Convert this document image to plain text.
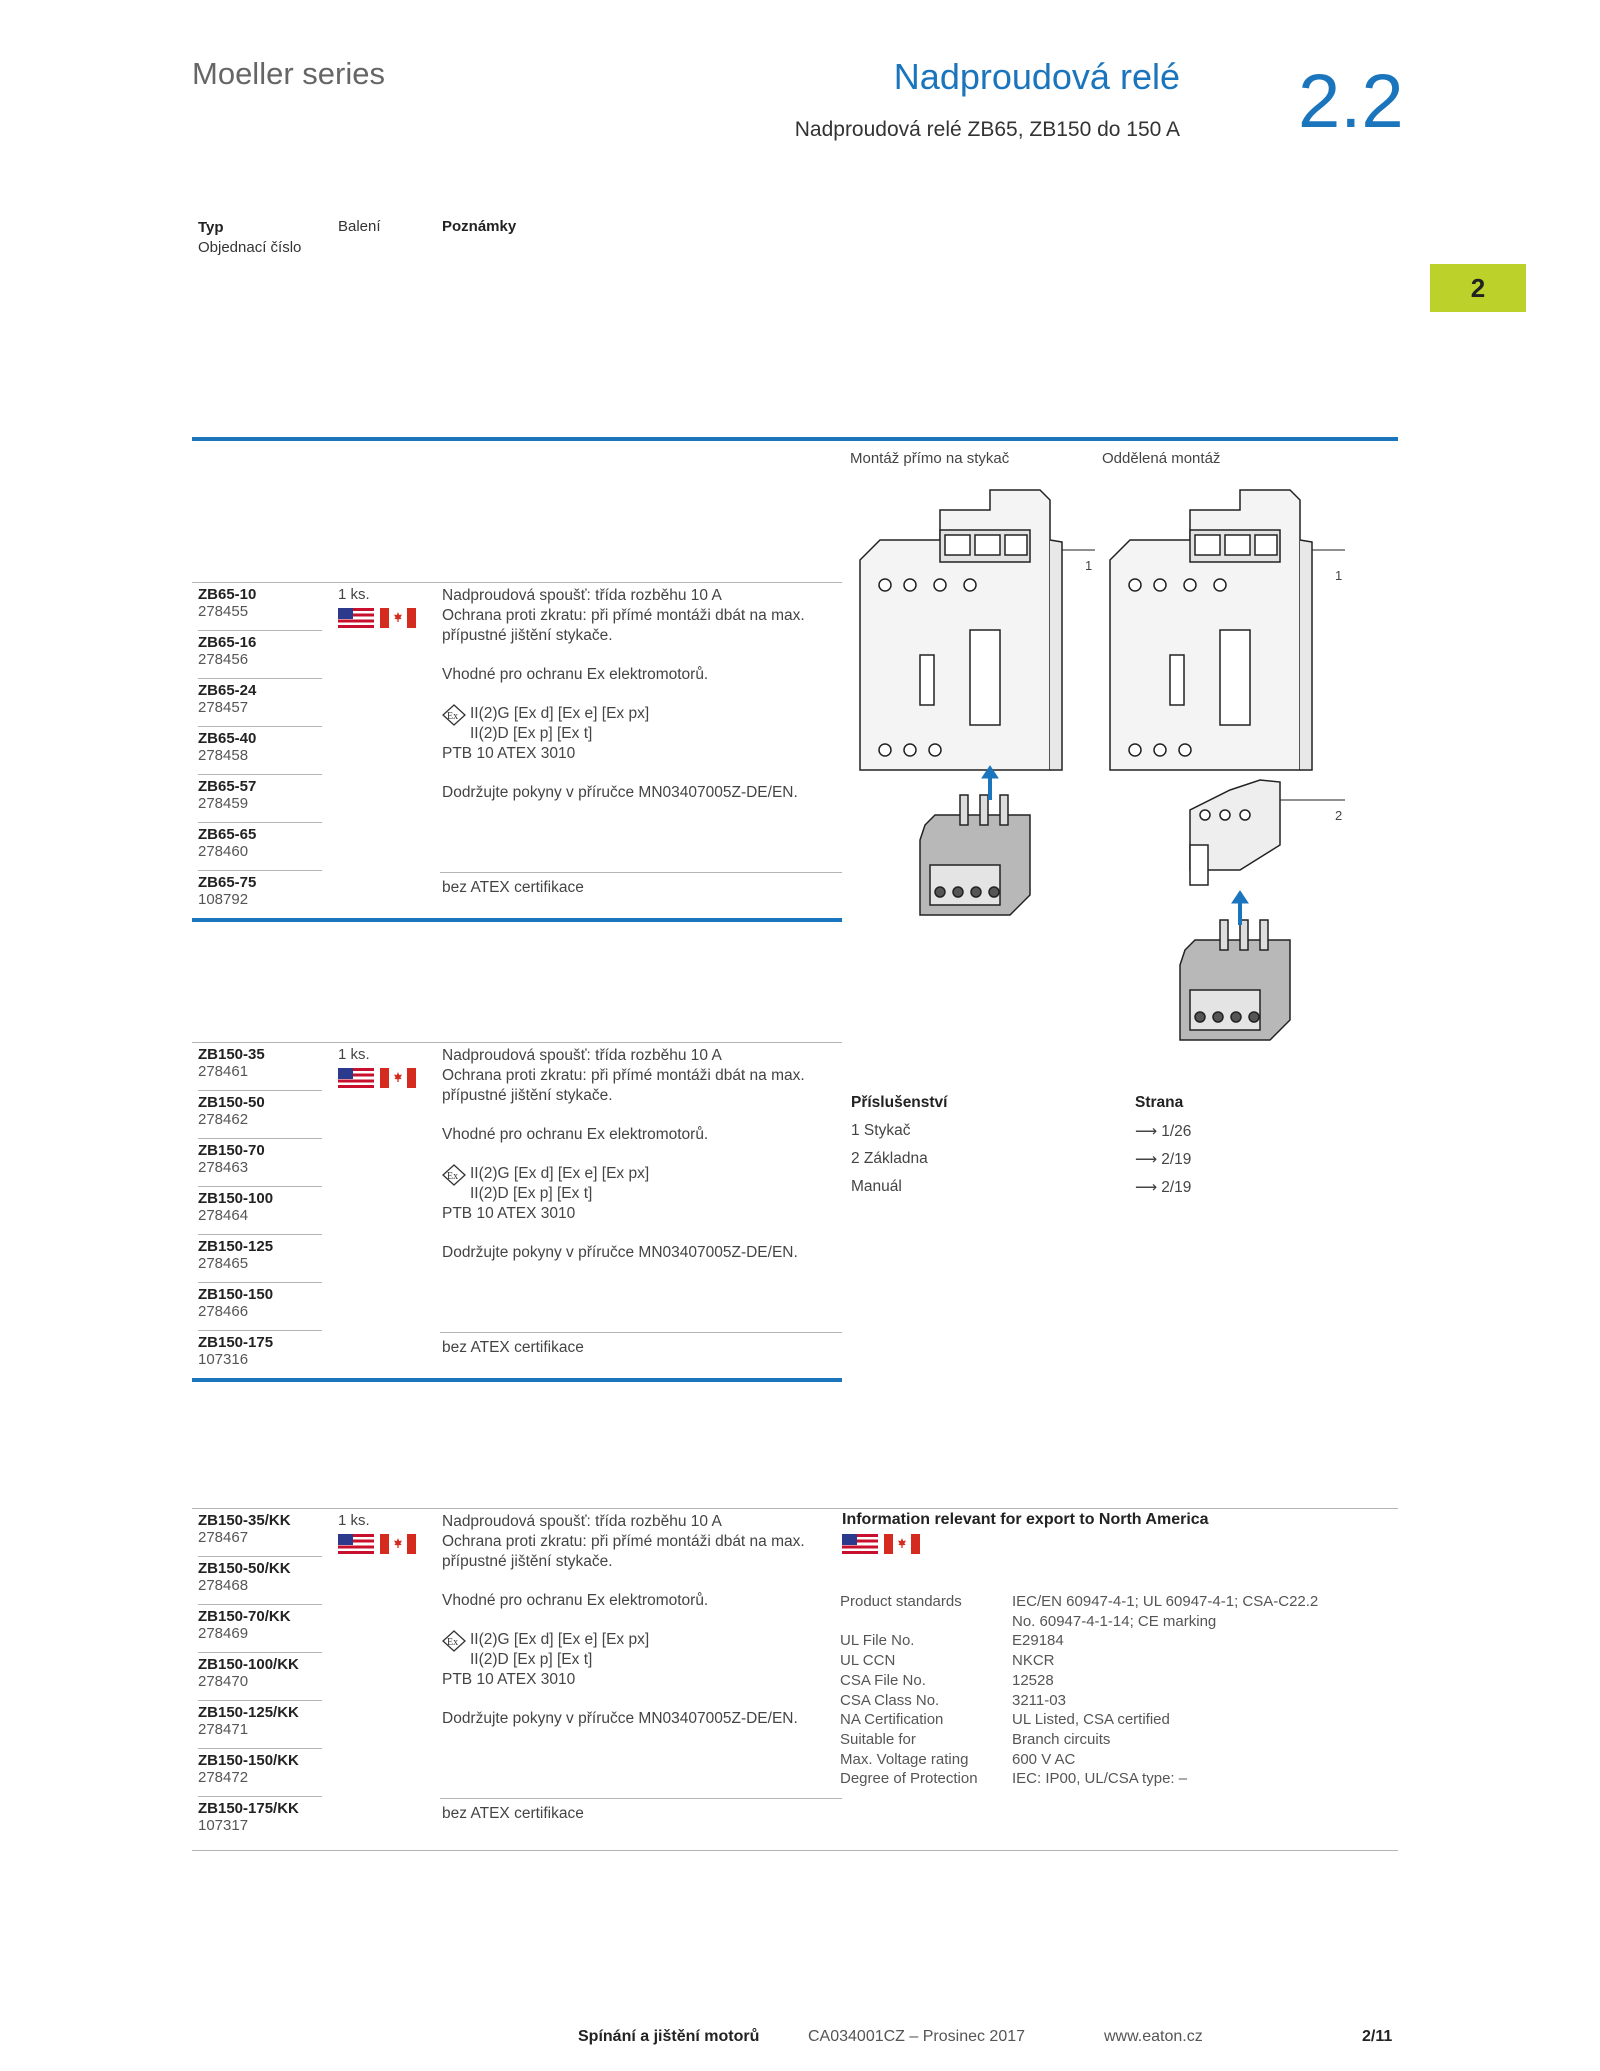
Moeller series	Nadproudová relé
Nadproudová relé ZB65, ZB150 do 150 A 2.2
2
Typ
Objednací číslo
Balení	Poznámky
Montáž přímo na stykač	Oddělená montáž
1
1
2
ZB65-10
278455
ZB65-16
278456
ZB65-24
278457
ZB65-40
278458
ZB65-57
278459
ZB65-65
278460
ZB65-75
108792
1 ks.	Nadproudová spoušť: třída rozběhu 10 A

Ochrana proti zkratu: při přímé montáži dbát na max.

přípustné jištění stykače.

Vhodné pro ochranu Ex elektromotorů.

Ex II(2)G [Ex d] [Ex e] [Ex px]

II(2)D [Ex p] [Ex t]

PTB 10 ATEX 3010

Dodržujte pokyny v příručce MN03407005Z-DE/EN.

bez ATEX certifikace
ZB150-35
278461
ZB150-50
278462
ZB150-70
278463
ZB150-100
278464
ZB150-125
278465
ZB150-150
278466
ZB150-175
107316
1 ks.	Nadproudová spoušť: třída rozběhu 10 A

Ochrana proti zkratu: při přímé montáži dbát na max.

přípustné jištění stykače.

Vhodné pro ochranu Ex elektromotorů.

Ex II(2)G [Ex d] [Ex e] [Ex px]

II(2)D [Ex p] [Ex t]

PTB 10 ATEX 3010

Dodržujte pokyny v příručce MN03407005Z-DE/EN.

bez ATEX certifikace
Příslušenství	Strana
1 Stykač	⟶ 1/26
2 Základna	⟶ 2/19
Manuál	⟶ 2/19
ZB150-35/KK
278467
ZB150-50/KK
278468
ZB150-70/KK
278469
ZB150-100/KK
278470
ZB150-125/KK
278471
ZB150-150/KK
278472
ZB150-175/KK
107317
1 ks.	Nadproudová spoušť: třída rozběhu 10 A

Ochrana proti zkratu: při přímé montáži dbát na max.

přípustné jištění stykače.

Vhodné pro ochranu Ex elektromotorů.

Ex II(2)G [Ex d] [Ex e] [Ex px]

II(2)D [Ex p] [Ex t]

PTB 10 ATEX 3010

Dodržujte pokyny v příručce MN03407005Z-DE/EN.

bez ATEX certifikace
Information relevant for export to North America
Product standards	IEC/EN 60947-4-1; UL 60947-4-1; CSA-C22.2
No. 60947-4-1-14; CE marking
UL File No.	E29184
UL CCN	NKCR
CSA File No.	12528
CSA Class No.	3211-03
NA Certification	UL Listed, CSA certified
Suitable for	Branch circuits
Max. Voltage rating	600 V AC
Degree of Protection	IEC: IP00, UL/CSA type: –
Spínání a jištění motorů	CA034001CZ – Prosinec 2017	www.eaton.cz	2/11
